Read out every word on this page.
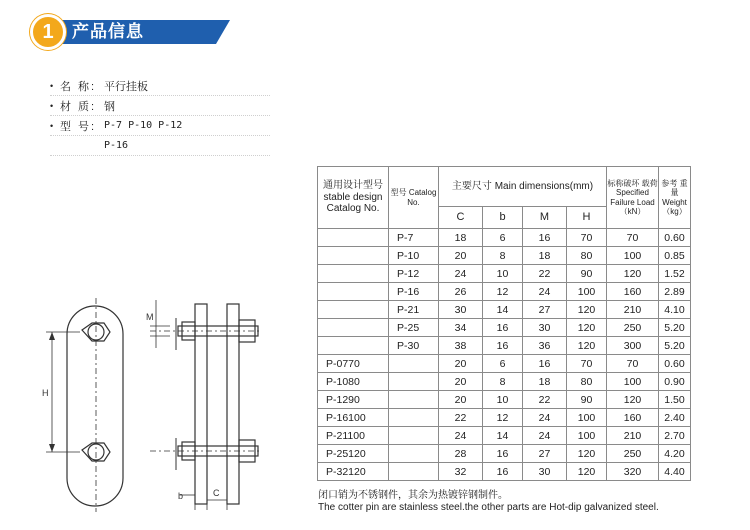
1	产品信息
• 名 称: 平行挂板
• 材 质: 钢
• 型 号: P-7 P-10 P-12
P-16
H
M
b	C
通用设计型号 stable design Catalog No.	型号 Catalog No.	主要尺寸 Main dimensions(mm)				标称破坏 载荷 Specified Failure Load （kN）	参考 重量 Weight （kg）
		C	b	M	H		
	P-7	18	6	16	70	70	0.60
	P-10	20	8	18	80	100	0.85
	P-12	24	10	22	90	120	1.52
	P-16	26	12	24	100	160	2.89
	P-21	30	14	27	120	210	4.10
	P-25	34	16	30	120	250	5.20
	P-30	38	16	36	120	300	5.20
P-0770		20	6	16	70	70	0.60
P-1080		20	8	18	80	100	0.90
P-1290		20	10	22	90	120	1.50
P-16100		22	12	24	100	160	2.40
P-21100		24	14	24	100	210	2.70
P-25120		28	16	27	120	250	4.20
P-32120		32	16	30	120	320	4.40
闭口销为不锈钢件，其余为热镀锌钢制件。
The cotter pin are stainless steel.the other parts are Hot-dip galvanized steel.
